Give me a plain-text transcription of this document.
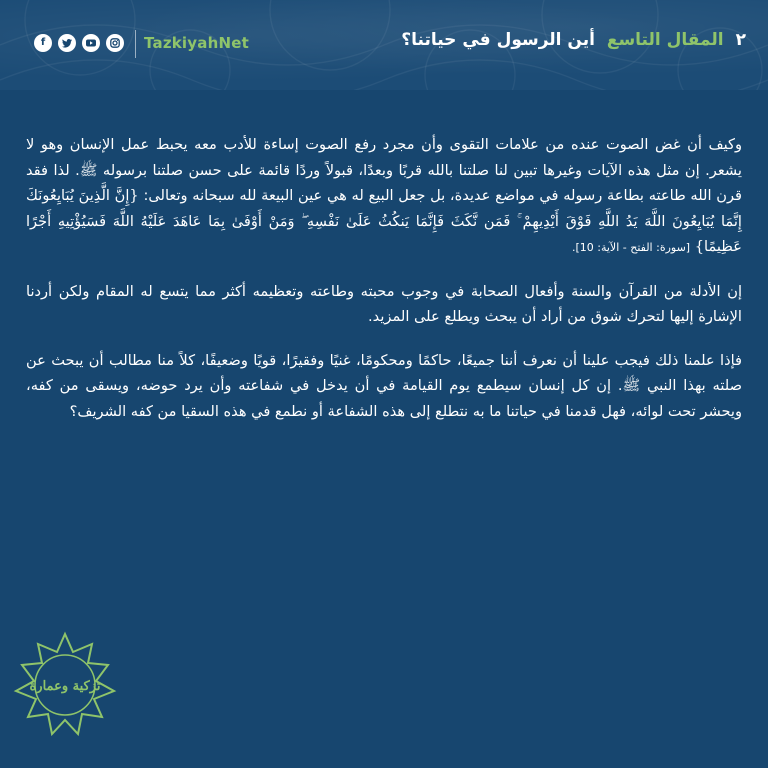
f	TazkiyahNet	٢المقال التاسع أين الرسول في حياتنا؟

وكيف أن غض الصوت عنده من علامات التقوى وأن مجرد رفع الصوت إساءة للأدب معه يحبط عمل الإنسان وهو لا يشعر. إن مثل هذه الآيات وغيرها تبين لنا صلتنا بالله قربًا وبعدًا، قبولاً وردًا قائمة على حسن صلتنا برسوله ﷺ. لذا فقد قرن الله طاعته بطاعة رسوله في مواضع عديدة، بل جعل البيع له هي عين البيعة لله سبحانه وتعالى: {إِنَّ الَّذِينَ يُبَايِعُونَكَ إِنَّمَا يُبَايِعُونَ اللَّهَ يَدُ اللَّهِ فَوْقَ أَيْدِيهِمْ ۚ فَمَن نَّكَثَ فَإِنَّمَا يَنكُثُ عَلَىٰ نَفْسِهِ ۖ وَمَنْ أَوْفَىٰ بِمَا عَاهَدَ عَلَيْهُ اللَّهَ فَسَيُؤْتِيهِ أَجْرًا عَظِيمًا} [سورة: الفتح - الآية: 10].

إن الأدلة من القرآن والسنة وأفعال الصحابة في وجوب محبته وطاعته وتعظيمه أكثر مما يتسع له المقام ولكن أردنا الإشارة إليها لتحرك شوق من أراد أن يبحث ويطلع على المزيد.

فإذا علمنا ذلك فيجب علينا أن نعرف أننا جميعًا، حاكمًا ومحكومًا، غنيًا وفقيرًا، قويًا وضعيفًا، كلاً منا مطالب أن يبحث عن صلته بهذا النبي ﷺ. إن كل إنسان سيطمع يوم القيامة في أن يدخل في شفاعته وأن يرد حوضه، ويسقى من كفه، ويحشر تحت لوائه، فهل قدمنا في حياتنا ما به نتطلع إلى هذه الشفاعة أو نطمع في هذه السقيا من كفه الشريف؟

تزكية وعمارة
